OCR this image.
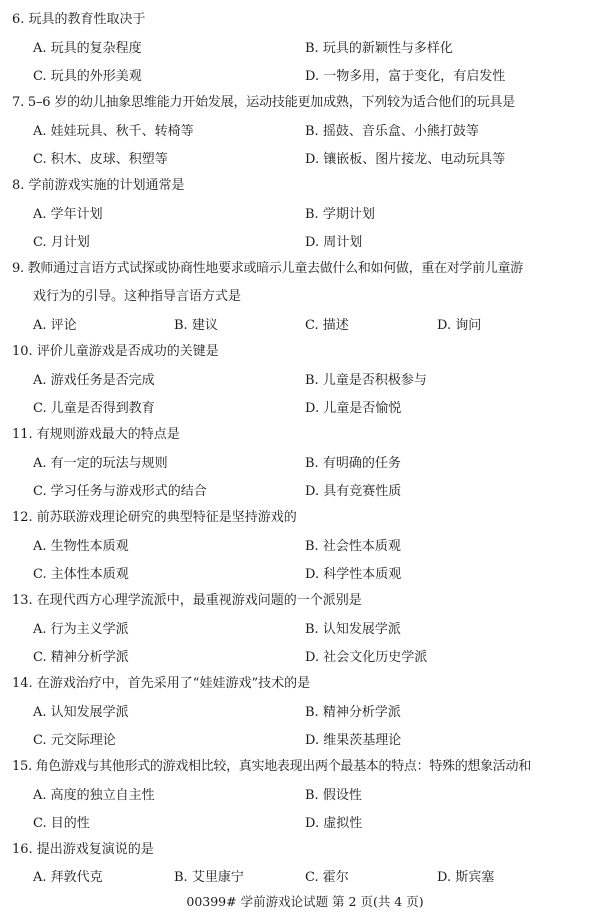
6. 玩具的教育性取决于
A. 玩具的复杂程度	B. 玩具的新颖性与多样化
C. 玩具的外形美观	D. 一物多用，富于变化，有启发性
7. 5–6 岁的幼儿抽象思维能力开始发展，运动技能更加成熟，下列较为适合他们的玩具是
A. 娃娃玩具、秋千、转椅等	B. 摇鼓、音乐盒、小熊打鼓等
C. 积木、皮球、积塑等	D. 镶嵌板、图片接龙、电动玩具等
8. 学前游戏实施的计划通常是
A. 学年计划	B. 学期计划
C. 月计划	D. 周计划
9. 教师通过言语方式试探或协商性地要求或暗示儿童去做什么和如何做，重在对学前儿童游
戏行为的引导。这种指导言语方式是
A. 评论	B. 建议	C. 描述	D. 询问
10. 评价儿童游戏是否成功的关键是
A. 游戏任务是否完成	B. 儿童是否积极参与
C. 儿童是否得到教育	D. 儿童是否愉悦
11. 有规则游戏最大的特点是
A. 有一定的玩法与规则	B. 有明确的任务
C. 学习任务与游戏形式的结合	D. 具有竞赛性质
12. 前苏联游戏理论研究的典型特征是坚持游戏的
A. 生物性本质观	B. 社会性本质观
C. 主体性本质观	D. 科学性本质观
13. 在现代西方心理学流派中，最重视游戏问题的一个派别是
A. 行为主义学派	B. 认知发展学派
C. 精神分析学派	D. 社会文化历史学派
14. 在游戏治疗中，首先采用了“娃娃游戏”技术的是
A. 认知发展学派	B. 精神分析学派
C. 元交际理论	D. 维果茨基理论
15. 角色游戏与其他形式的游戏相比较，真实地表现出两个最基本的特点：特殊的想象活动和
A. 高度的独立自主性	B. 假设性
C. 目的性	D. 虚拟性
16. 提出游戏复演说的是
A. 拜敦代克	B. 艾里康宁	C. 霍尔	D. 斯宾塞
00399# 学前游戏论试题 第 2 页(共 4 页)
